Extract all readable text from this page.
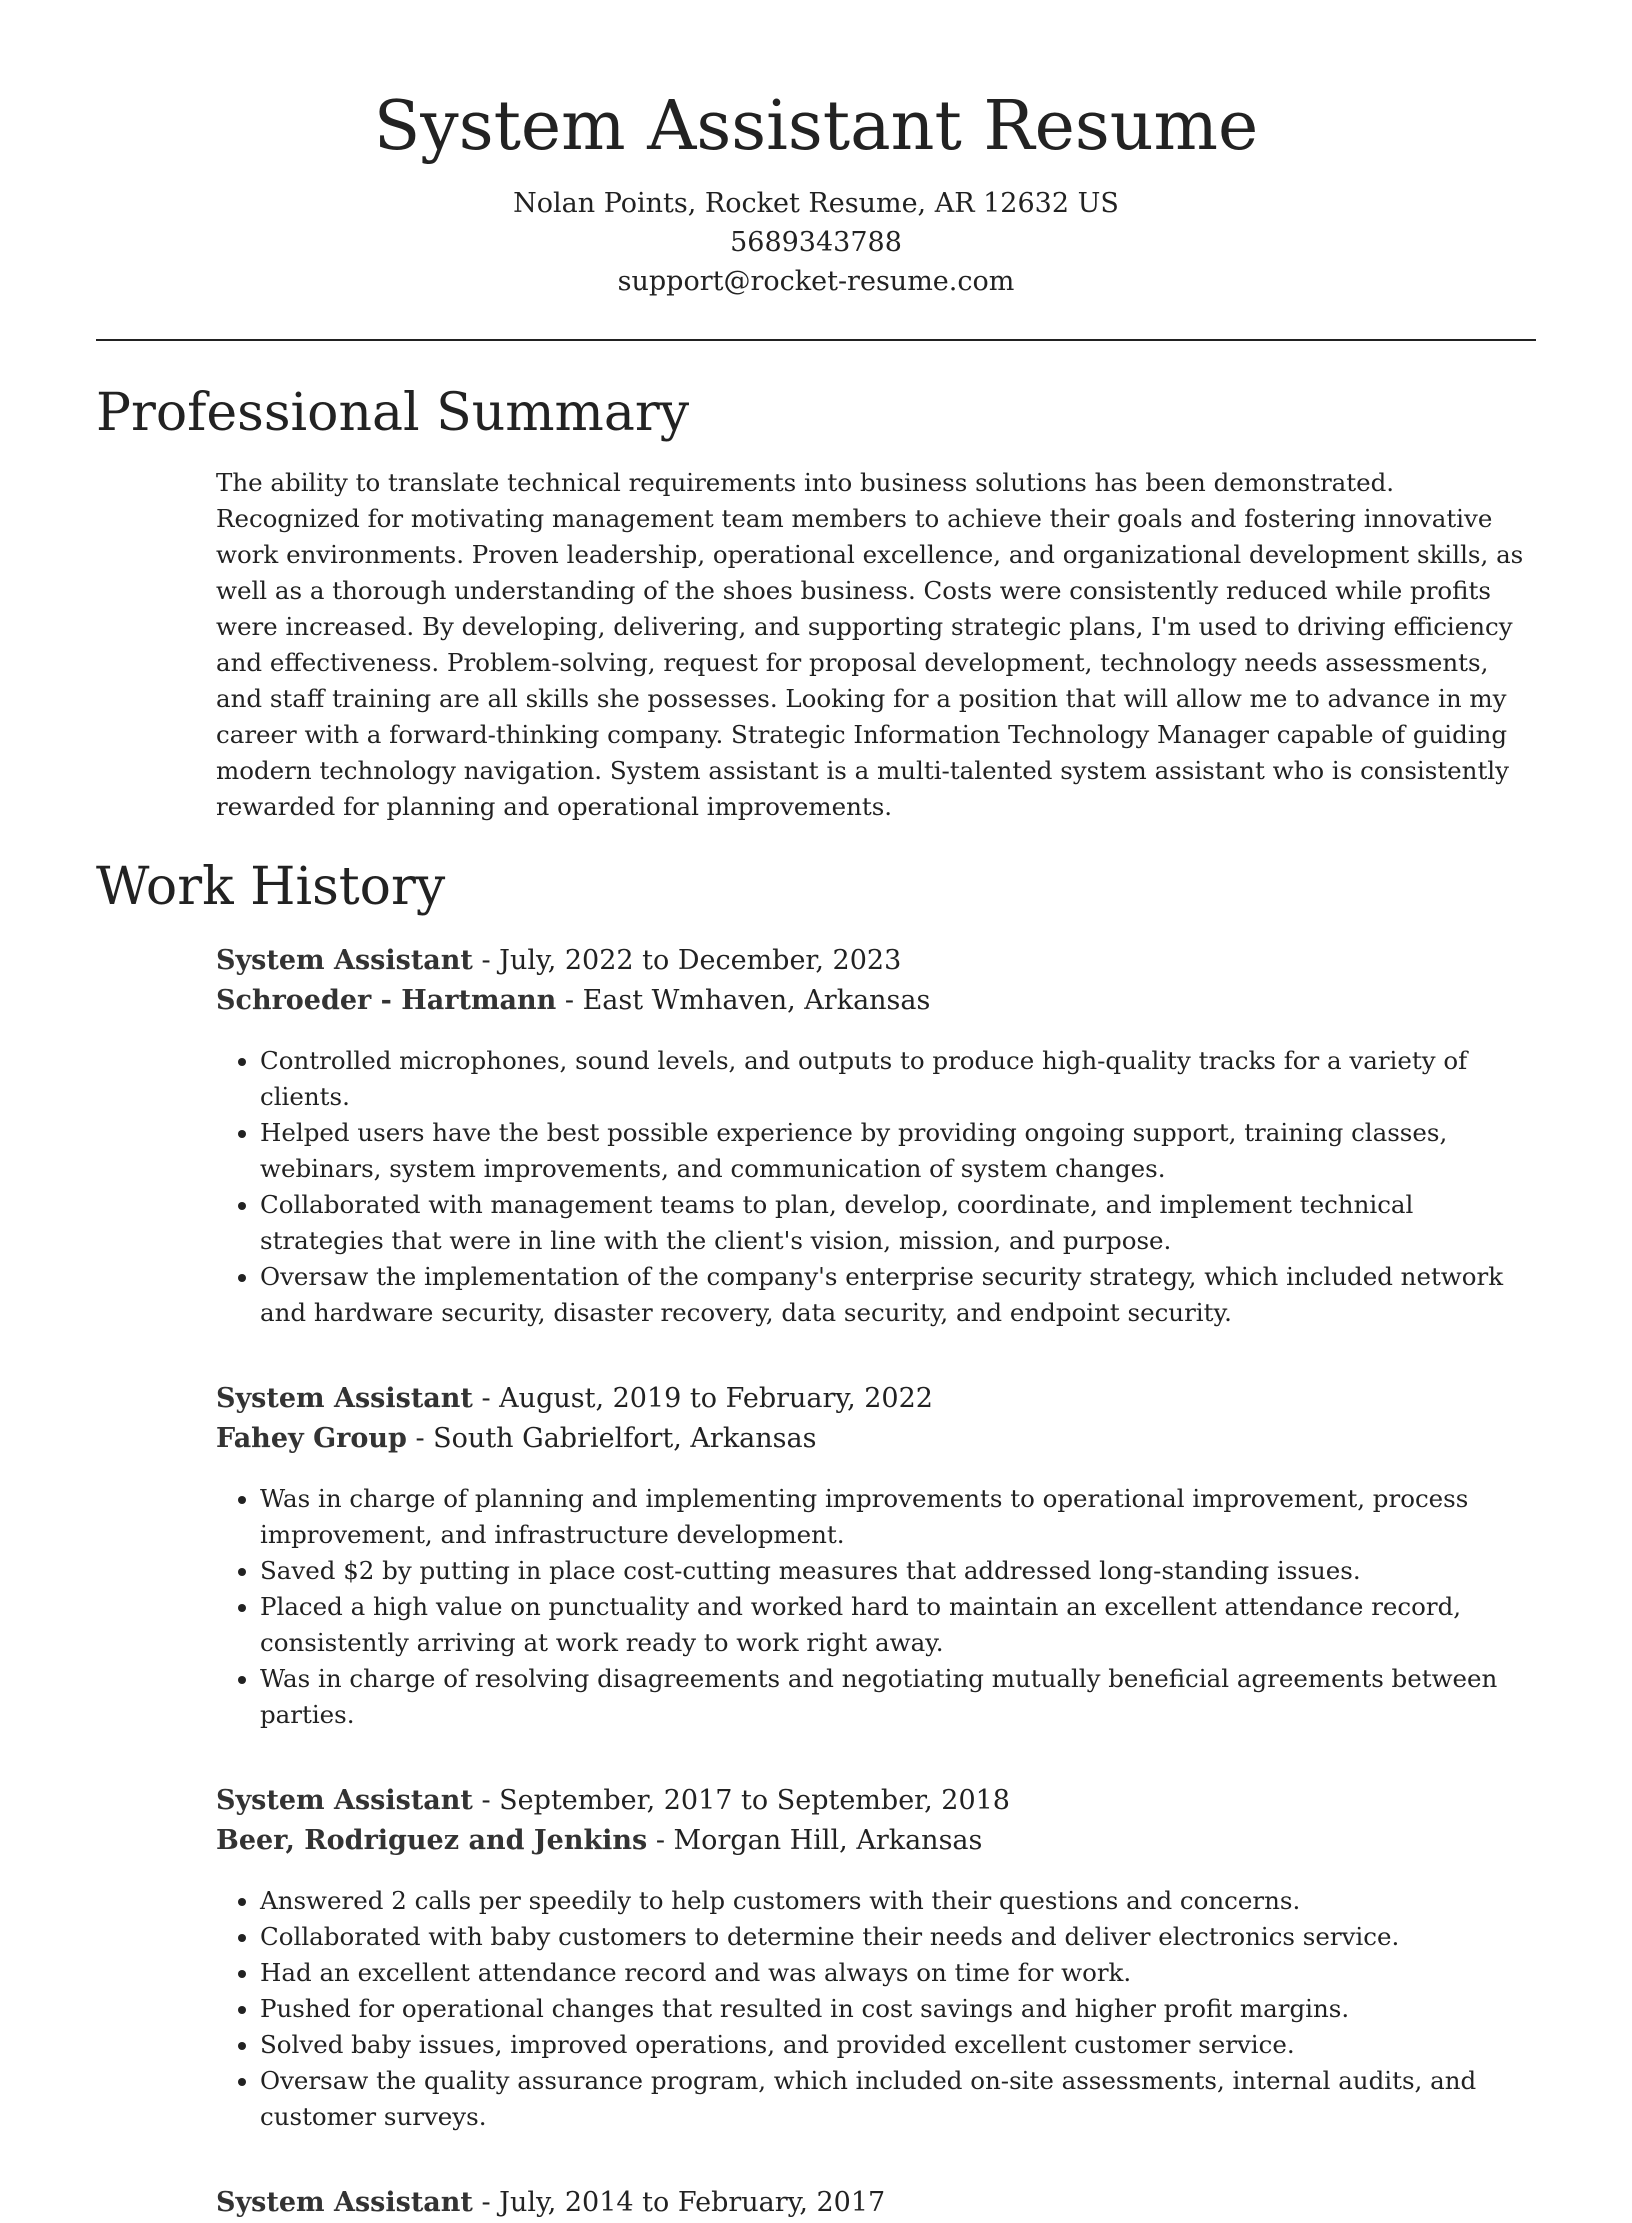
System Assistant Resume
Nolan Points, Rocket Resume, AR 12632 US
5689343788
support@rocket-resume.com
Professional Summary
The ability to translate technical requirements into business solutions has been demonstrated. Recognized for motivating management team members to achieve their goals and fostering innovative work environments. Proven leadership, operational excellence, and organizational development skills, as well as a thorough understanding of the shoes business. Costs were consistently reduced while profits were increased. By developing, delivering, and supporting strategic plans, I'm used to driving efficiency and effectiveness. Problem-solving, request for proposal development, technology needs assessments, and staff training are all skills she possesses. Looking for a position that will allow me to advance in my career with a forward-thinking company. Strategic Information Technology Manager capable of guiding modern technology navigation. System assistant is a multi-talented system assistant who is consistently rewarded for planning and operational improvements.
Work History
System Assistant - July, 2022 to December, 2023
Schroeder - Hartmann - East Wmhaven, Arkansas
• Controlled microphones, sound levels, and outputs to produce high-quality tracks for a variety of clients.
• Helped users have the best possible experience by providing ongoing support, training classes, webinars, system improvements, and communication of system changes.
• Collaborated with management teams to plan, develop, coordinate, and implement technical strategies that were in line with the client's vision, mission, and purpose.
• Oversaw the implementation of the company's enterprise security strategy, which included network and hardware security, disaster recovery, data security, and endpoint security.
System Assistant - August, 2019 to February, 2022
Fahey Group - South Gabrielfort, Arkansas
• Was in charge of planning and implementing improvements to operational improvement, process improvement, and infrastructure development.
• Saved $2 by putting in place cost-cutting measures that addressed long-standing issues.
• Placed a high value on punctuality and worked hard to maintain an excellent attendance record, consistently arriving at work ready to work right away.
• Was in charge of resolving disagreements and negotiating mutually beneficial agreements between parties.
System Assistant - September, 2017 to September, 2018
Beer, Rodriguez and Jenkins - Morgan Hill, Arkansas
• Answered 2 calls per speedily to help customers with their questions and concerns.
• Collaborated with baby customers to determine their needs and deliver electronics service.
• Had an excellent attendance record and was always on time for work.
• Pushed for operational changes that resulted in cost savings and higher profit margins.
• Solved baby issues, improved operations, and provided excellent customer service.
• Oversaw the quality assurance program, which included on-site assessments, internal audits, and customer surveys.
System Assistant - July, 2014 to February, 2017
